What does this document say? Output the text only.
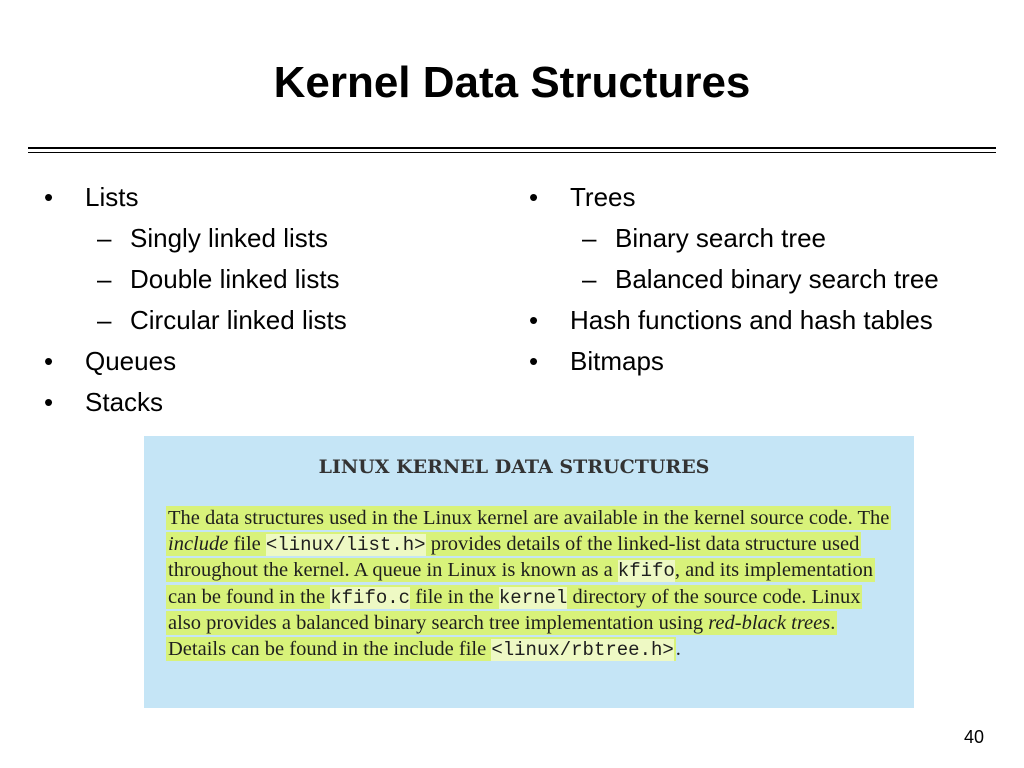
Kernel Data Structures
• Lists
– Singly linked lists
– Double linked lists
– Circular linked lists
• Queues
• Stacks
• Trees
– Binary search tree
– Balanced binary search tree
• Hash functions and hash tables
• Bitmaps
LINUX KERNEL DATA STRUCTURES
The data structures used in the Linux kernel are available in the kernel source code. The include file <linux/list.h> provides details of the linked-list data structure used throughout the kernel. A queue in Linux is known as a kfifo, and its implementation can be found in the kfifo.c file in the kernel directory of the source code. Linux also provides a balanced binary search tree implementation using red-black trees. Details can be found in the include file <linux/rbtree.h>.
40
